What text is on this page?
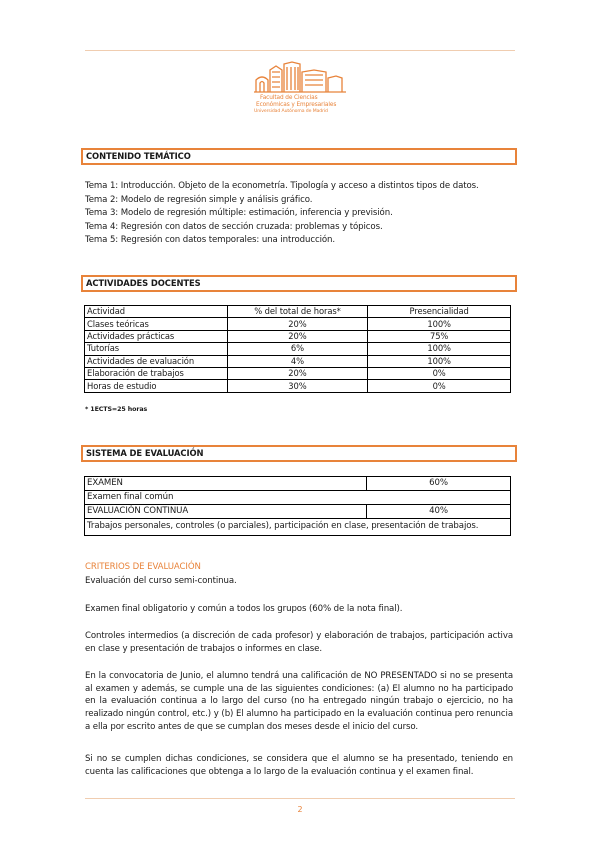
Facultad de Ciencias
Económicas y Empresariales
Universidad Autónoma de Madrid
CONTENIDO TEMÁTICO
Tema 1: Introducción. Objeto de la econometría. Tipología y acceso a distintos tipos de datos.
Tema 2: Modelo de regresión simple y análisis gráfico.
Tema 3: Modelo de regresión múltiple: estimación, inferencia y previsión.
Tema 4: Regresión con datos de sección cruzada: problemas y tópicos.
Tema 5: Regresión con datos temporales: una introducción.
ACTIVIDADES DOCENTES
Actividad	% del total de horas*	Presencialidad
Clases teóricas	20%	100%
Actividades prácticas	20%	75%
Tutorías	6%	100%
Actividades de evaluación	4%	100%
Elaboración de trabajos	20%	0%
Horas de estudio	30%	0%
* 1ECTS=25 horas
SISTEMA DE EVALUACIÓN
EXAMEN	60%
Examen final común
EVALUACIÓN CONTINUA	40%
Trabajos personales, controles (o parciales), participación en clase, presentación de trabajos.
CRITERIOS DE EVALUACIÓN
Evaluación del curso semi-continua.
Examen final obligatorio y común a todos los grupos (60% de la nota final).
Controles intermedios (a discreción de cada profesor) y elaboración de trabajos, participación activa en clase y presentación de trabajos o informes en clase.
En la convocatoria de Junio, el alumno tendrá una calificación de NO PRESENTADO si no se presenta al examen y además, se cumple una de las siguientes condiciones: (a) El alumno no ha participado en la evaluación continua a lo largo del curso (no ha entregado ningún trabajo o ejercicio, no ha realizado ningún control, etc.) y (b) El alumno ha participado en la evaluación continua pero renuncia a ella por escrito antes de que se cumplan dos meses desde el inicio del curso.
Si no se cumplen dichas condiciones, se considera que el alumno se ha presentado, teniendo en cuenta las calificaciones que obtenga a lo largo de la evaluación continua y el examen final.
2
